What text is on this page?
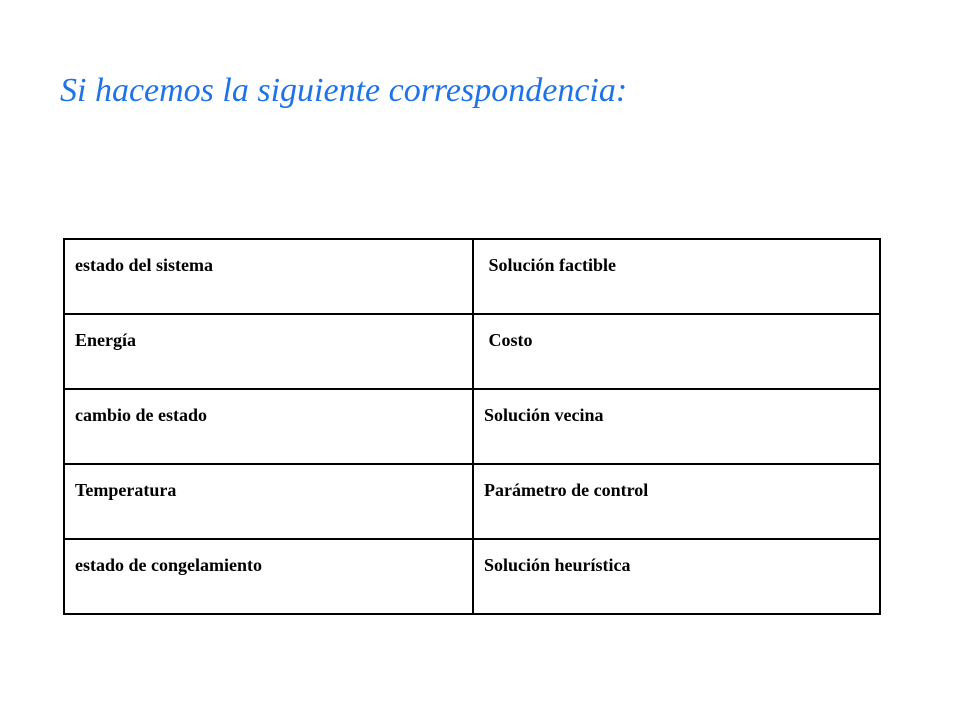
Si hacemos la siguiente correspondencia:
estado del sistema	Solución factible
Energía	Costo
cambio de estado	Solución vecina
Temperatura	Parámetro de control
estado de congelamiento	Solución heurística
